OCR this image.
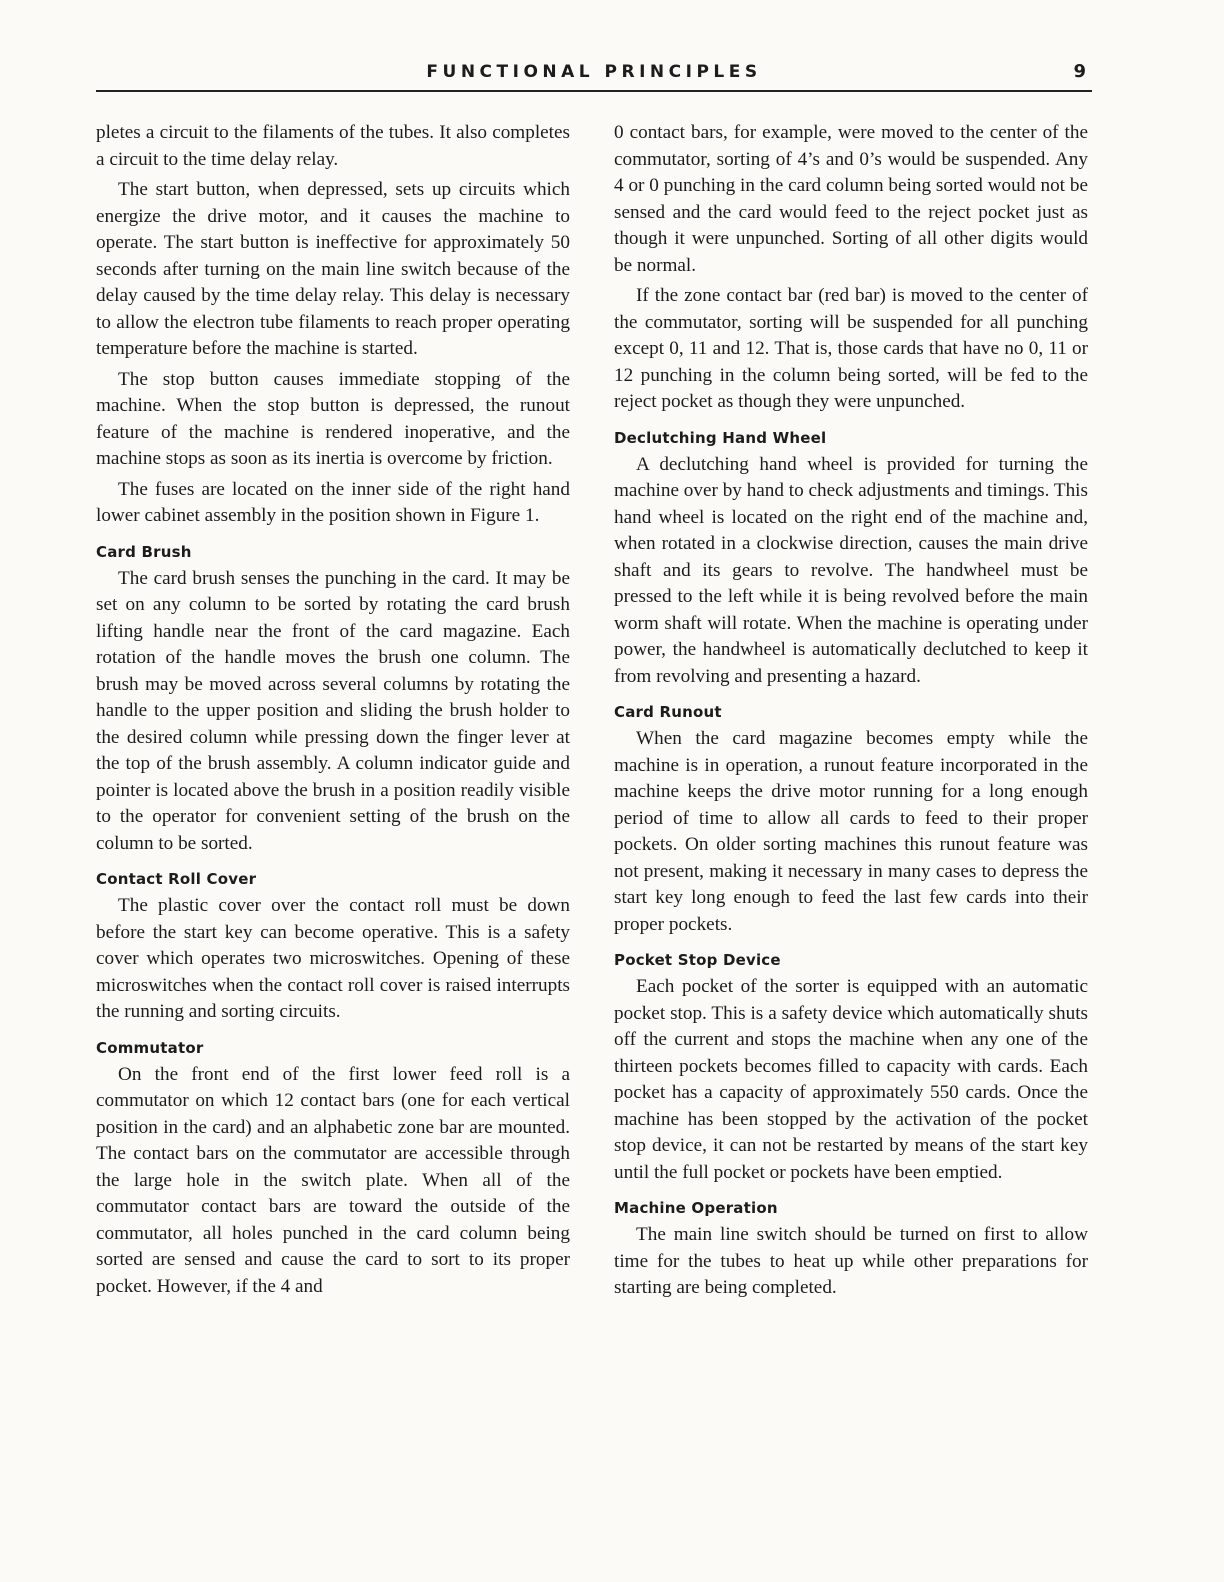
FUNCTIONAL PRINCIPLES	9

pletes a circuit to the filaments of the tubes. It also completes a circuit to the time delay relay.

The start button, when depressed, sets up circuits which energize the drive motor, and it causes the machine to operate. The start button is ineffective for approximately 50 seconds after turning on the main line switch because of the delay caused by the time delay relay. This delay is necessary to allow the electron tube filaments to reach proper operating temperature before the machine is started.

The stop button causes immediate stopping of the machine. When the stop button is depressed, the runout feature of the machine is rendered inoperative, and the machine stops as soon as its inertia is overcome by friction.

The fuses are located on the inner side of the right hand lower cabinet assembly in the position shown in Figure 1.

Card Brush

The card brush senses the punching in the card. It may be set on any column to be sorted by rotating the card brush lifting handle near the front of the card magazine. Each rotation of the handle moves the brush one column. The brush may be moved across several columns by rotating the handle to the upper position and sliding the brush holder to the desired column while pressing down the finger lever at the top of the brush assembly. A column indicator guide and pointer is located above the brush in a position readily visible to the operator for convenient setting of the brush on the column to be sorted.

Contact Roll Cover

The plastic cover over the contact roll must be down before the start key can become operative. This is a safety cover which operates two microswitches. Opening of these microswitches when the contact roll cover is raised interrupts the running and sorting circuits.

Commutator

On the front end of the first lower feed roll is a commutator on which 12 contact bars (one for each vertical position in the card) and an alphabetic zone bar are mounted. The contact bars on the commutator are accessible through the large hole in the switch plate. When all of the commutator contact bars are toward the outside of the commutator, all holes punched in the card column being sorted are sensed and cause the card to sort to its proper pocket. However, if the 4 and

0 contact bars, for example, were moved to the center of the commutator, sorting of 4’s and 0’s would be suspended. Any 4 or 0 punching in the card column being sorted would not be sensed and the card would feed to the reject pocket just as though it were unpunched. Sorting of all other digits would be normal.

If the zone contact bar (red bar) is moved to the center of the commutator, sorting will be suspended for all punching except 0, 11 and 12. That is, those cards that have no 0, 11 or 12 punching in the column being sorted, will be fed to the reject pocket as though they were unpunched.

Declutching Hand Wheel

A declutching hand wheel is provided for turning the machine over by hand to check adjustments and timings. This hand wheel is located on the right end of the machine and, when rotated in a clockwise direction, causes the main drive shaft and its gears to revolve. The handwheel must be pressed to the left while it is being revolved before the main worm shaft will rotate. When the machine is operating under power, the handwheel is automatically declutched to keep it from revolving and presenting a hazard.

Card Runout

When the card magazine becomes empty while the machine is in operation, a runout feature incorporated in the machine keeps the drive motor running for a long enough period of time to allow all cards to feed to their proper pockets. On older sorting machines this runout feature was not present, making it necessary in many cases to depress the start key long enough to feed the last few cards into their proper pockets.

Pocket Stop Device

Each pocket of the sorter is equipped with an automatic pocket stop. This is a safety device which automatically shuts off the current and stops the machine when any one of the thirteen pockets becomes filled to capacity with cards. Each pocket has a capacity of approximately 550 cards. Once the machine has been stopped by the activation of the pocket stop device, it can not be restarted by means of the start key until the full pocket or pockets have been emptied.

Machine Operation

The main line switch should be turned on first to allow time for the tubes to heat up while other preparations for starting are being completed.
